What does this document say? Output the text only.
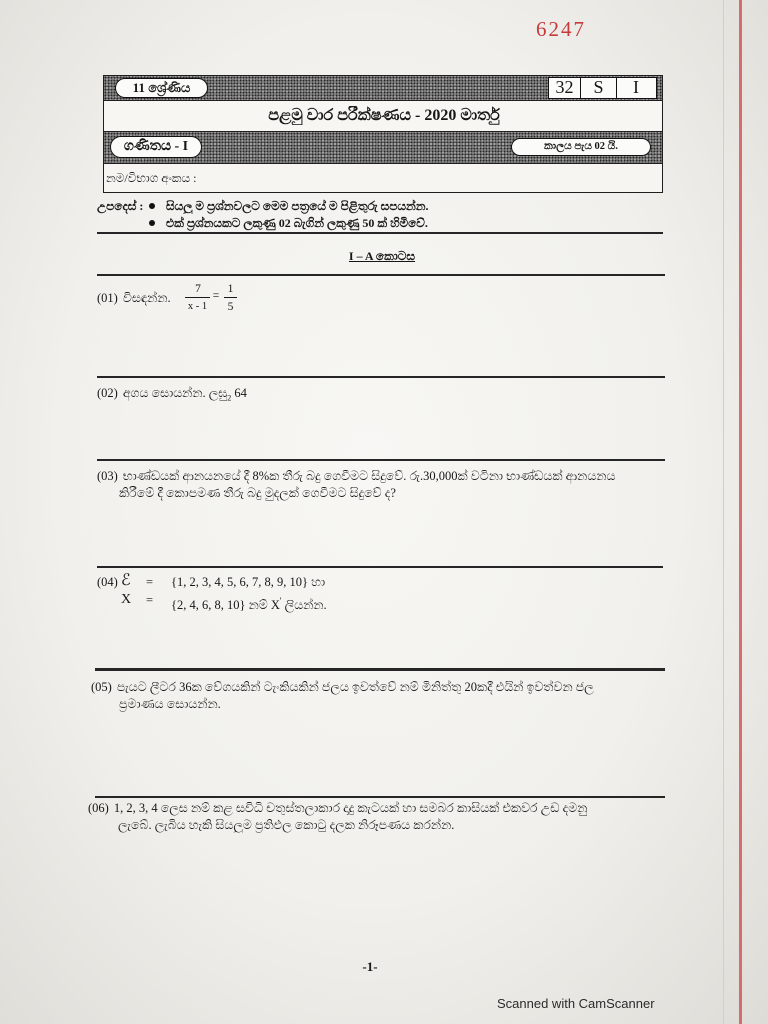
6247
11 ශ්‍රේණිය	32	S	I
පළමු වාර පරීක්ෂණය - 2020 මාර්තු
ගණිතය - I	කාලය පැය 02 යි.
නම/විභාග අංකය :
උපදෙස් : සියලු ම ප්‍රශ්නවලට මෙම පත්‍රයේ ම පිළිතුරු සපයන්න.
එක් ප්‍රශ්නයකට ලකුණු 02 බැගින් ලකුණු 50 ක් හිමිවේ.
I – A කොටස
(01) විසඳන්න.
7
x - 1
=
1
5
(02) අගය සොයන්න. $ලඝු_2$ 64
(03) භාණ්ඩයක් ආනයනයේ දී 8%ක තීරු බදු ගෙවීමට සිදුවේ. රු.30,000ක් වටිනා භාණ්ඩයක් ආනයනය
කිරීමේ දී කොපමණ තීරු බදු මුදලක් ගෙවීමට සිදුවේ ද?
(04) ℰ	=	{1, 2, 3, 4, 5, 6, 7, 8, 9, 10} හා
X	=	{2, 4, 6, 8, 10} නම් X' ලියන්න.
(05) පැයට ලීටර 36ක වේගයකින් ටැංකියකින් ජලය ඉවත්වේ නම් මිනිත්තු 20කදී එයින් ඉවත්වන ජල
ප්‍රමාණය සොයන්න.
(06) 1, 2, 3, 4 ලෙස නම් කළ සවිධි චතුස්තලාකාර දාදු කැටයක් හා සමබර කාසියක් එකවර උඩ දමනු
ලැබේ. ලැබිය හැකි සියලුම ප්‍රතිඵල කොටු දලක නිරූපණය කරන්න.
-1-
Scanned with CamScanner
